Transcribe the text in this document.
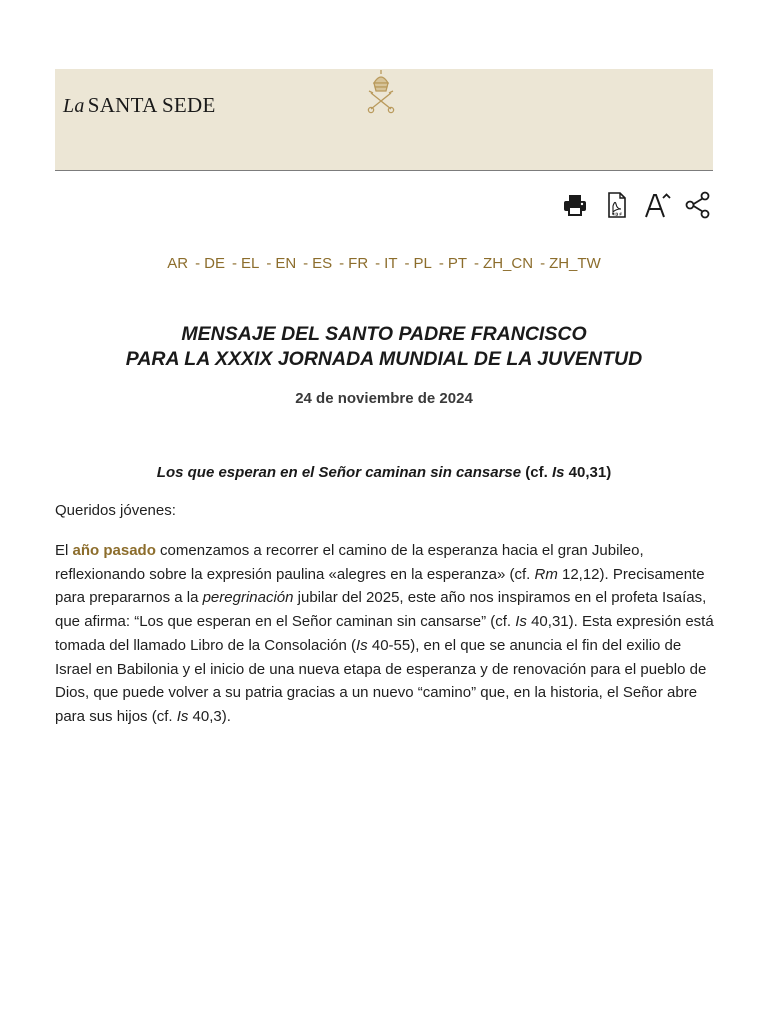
La SANTA SEDE
AR - DE - EL - EN - ES - FR - IT - PL - PT - ZH_CN - ZH_TW
MENSAJE DEL SANTO PADRE FRANCISCO
PARA LA XXXIX JORNADA MUNDIAL DE LA JUVENTUD
24 de noviembre de 2024
Los que esperan en el Señor caminan sin cansarse (cf. Is 40,31)
Queridos jóvenes:

El año pasado comenzamos a recorrer el camino de la esperanza hacia el gran Jubileo, reflexionando sobre la expresión paulina «alegres en la esperanza» (cf. Rm 12,12). Precisamente para prepararnos a la peregrinación jubilar del 2025, este año nos inspiramos en el profeta Isaías, que afirma: “Los que esperan en el Señor caminan sin cansarse” (cf. Is 40,31). Esta expresión está tomada del llamado Libro de la Consolación (Is 40-55), en el que se anuncia el fin del exilio de Israel en Babilonia y el inicio de una nueva etapa de esperanza y de renovación para el pueblo de Dios, que puede volver a su patria gracias a un nuevo “camino” que, en la historia, el Señor abre para sus hijos (cf. Is 40,3).
